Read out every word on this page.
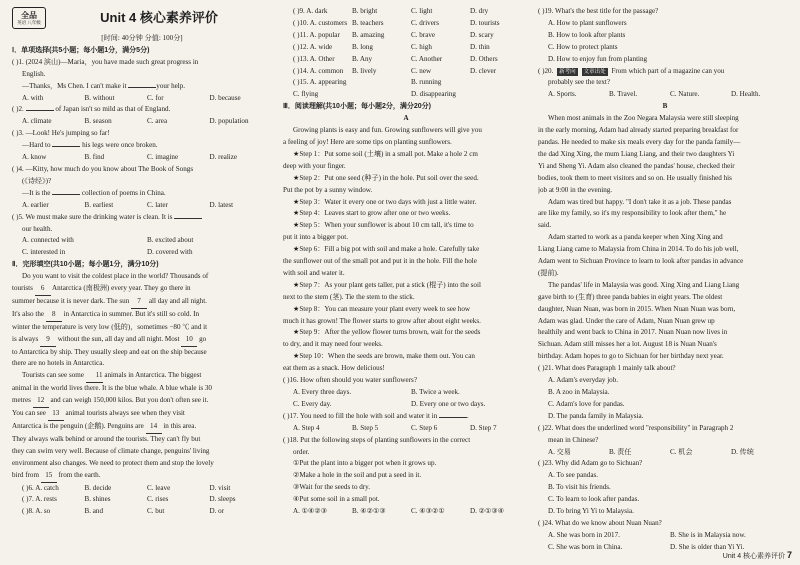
全品
英语 八年级	Unit 4 核心素养评价
[时间: 40分钟 分值: 100分]
Ⅰ．单项选择(共5小题；每小题1分，满分5分)
( )1. (2024 滨山)—Maria，you have made such great progress in
English.
—Thanks，Ms Chen. I can't make it	your help.
A. with	B. without	C. for	D. because
( )2.	of Japan isn't so mild as that of England.
A. climate	B. season	C. area	D. population
( )3. —Look! He's jumping so far!
—Hard to	his legs were once broken.
A. know	B. find	C. imagine	D. realize
( )4. —Kitty, how much do you know about The Book of Songs
(《诗经》)?
—It is the	collection of poems in China.
A. earlier	B. earliest	C. later	D. latest
( )5. We must make sure the drinking water is clean. It is
our health.
A. connected with	B. excited about
C. interested in	D. covered with
Ⅱ．完形填空(共10小题；每小题1分，满分10分)
Do you want to visit the coldest place in the world? Thousands of
tourists 6 Antarctica (南极洲) every year. They go there in
summer because it is never dark. The sun 7 all day and all night.
It's also the 8 in Antarctica in summer. But it's still so cold. In
winter the temperature is very low (低的)，sometimes −80 ℃ and it
is always 9 without the sun, all day and all night. Most 10 go
to Antarctica by ship. They usually sleep and eat on the ship because
there are no hotels in Antarctica.
Tourists can see some 11 animals in Antarctica. The biggest
animal in the world lives there. It is the blue whale. A blue whale is 30
metres 12 and can weigh 150,000 kilos. But you don't often see it.
You can see 13 animal tourists always see when they visit
Antarctica is the penguin (企鹅). Penguins are 14 in this area.
They always walk behind or around the tourists. They can't fly but
they can swim very well. Because of climate change, penguins' living
environment also changes. We need to protect them and stop the lovely
bird from 15 from the earth.
( )6. A. catch	B. decide	C. leave	D. visit
( )7. A. rests	B. shines	C. rises	D. sleeps
( )8. A. so	B. and	C. but	D. or
( )9. A. dark	B. bright	C. light	D. dry
( )10. A. customers B. teachers	C. drivers	D. tourists
( )11. A. popular	B. amazing	C. brave	D. scary
( )12. A. wide	B. long	C. high	D. thin
( )13. A. Other	B. Any	C. Another	D. Others
( )14. A. common	B. lively	C. new	D. clever
( )15. A. appearing	B. running
C. flying	D. disappearing
Ⅲ．阅读理解(共10小题；每小题2分，满分20分)
A
Growing plants is easy and fun. Growing sunflowers will give you
a feeling of joy! Here are some tips on planting sunflowers.
★Step 1：Put some soil (土壤) in a small pot. Make a hole 2 cm
deep with your finger.
★Step 2：Put one seed (种子) in the hole. Put soil over the seed.
Put the pot by a sunny window.
★Step 3：Water it every one or two days with just a little water.
★Step 4：Leaves start to grow after one or two weeks.
★Step 5：When your sunflower is about 10 cm tall, it's time to
put it into a bigger pot.
★Step 6：Fill a big pot with soil and make a hole. Carefully take
the sunflower out of the small pot and put it in the hole. Fill the hole
with soil and water it.
★Step 7：As your plant gets taller, put a stick (棍子) into the soil
next to the stem (茎). Tie the stem to the stick.
★Step 8：You can measure your plant every week to see how
much it has grown! The flower starts to grow after about eight weeks.
★Step 9：After the yellow flower turns brown, wait for the seeds
to dry, and it may need four weeks.
★Step 10：When the seeds are brown, make them out. You can
eat them as a snack. How delicious!
( )16. How often should you water sunflowers?
A. Every three days.	B. Twice a week.
C. Every day.	D. Every one or two days.
( )17. You need to fill the hole with soil and water it in	.
A. Step 4	B. Step 5	C. Step 6	D. Step 7
( )18. Put the following steps of planting sunflowers in the correct
order.
①Put the plant into a bigger pot when it grows up.
②Make a hole in the soil and put a seed in it.
③Wait for the seeds to dry.
④Put some soil in a small pot.
A. ①④②③	B. ④②①③	C. ④③②①	D. ②①③④
( )19. What's the best title for the passage?
A. How to plant sunflowers
B. How to look after plants
C. How to protect plants
D. How to enjoy fun from planting
( )20. 新考向 文章出处 From which part of a magazine can you
probably see the text?
A. Sports.	B. Travel.	C. Nature.	D. Health.
B
When most animals in the Zoo Negara Malaysia were still sleeping
in the early morning, Adam had already started preparing breakfast for
pandas. He needed to make six meals every day for the panda family—
the dad Xing Xing, the mum Liang Liang, and their two daughters Yi
Yi and Sheng Yi. Adam also cleaned the pandas' house, checked their
bodies, took them to meet visitors and so on. He usually finished his
job at 9:00 in the evening.
Adam was tired but happy. "I don't take it as a job. These pandas
are like my family, so it's my responsibility to look after them," he
said.
Adam started to work as a panda keeper when Xing Xing and
Liang Liang came to Malaysia from China in 2014. To do his job well,
Adam went to Sichuan Province to learn to look after pandas in advance
(提前).
The pandas' life in Malaysia was good. Xing Xing and Liang Liang
gave birth to (生育) three panda babies in eight years. The oldest
daughter, Nuan Nuan, was born in 2015. When Nuan Nuan was born,
Adam was glad. Under the care of Adam, Nuan Nuan grew up
healthily and went back to China in 2017. Nuan Nuan now lives in
Sichuan. Adam still misses her a lot. August 18 is Nuan Nuan's
birthday. Adam hopes to go to Sichuan for her birthday next year.
( )21. What does Paragraph 1 mainly talk about?
A. Adam's everyday job.
B. A zoo in Malaysia.
C. Adam's love for pandas.
D. The panda family in Malaysia.
( )22. What does the underlined word "responsibility" in Paragraph 2
mean in Chinese?
A. 交易	B. 责任	C. 机会	D. 传统
( )23. Why did Adam go to Sichuan?
A. To see pandas.
B. To visit his friends.
C. To learn to look after pandas.
D. To bring Yi Yi to Malaysia.
( )24. What do we know about Nuan Nuan?
A. She was born in 2017.	B. She is in Malaysia now.
C. She was born in China.	D. She is older than Yi Yi.
Unit 4 核心素养评价 7
